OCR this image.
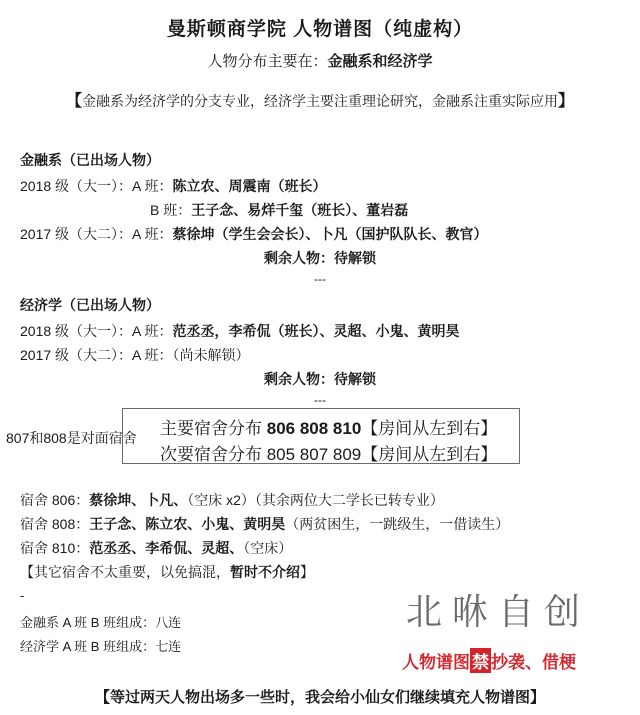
曼斯顿商学院 人物谱图（纯虚构）
人物分布主要在：金融系和经济学
【金融系为经济学的分支专业，经济学主要注重理论研究，金融系注重实际应用】
金融系（已出场人物）
2018 级（大一）：A 班：陈立农、周震南（班长）
B 班：王子念、易烊千玺（班长）、董岩磊
2017 级（大二）：A 班：蔡徐坤（学生会会长）、卜凡（国护队队长、教官）
剩余人物：待解锁
---
经济学（已出场人物）
2018 级（大一）：A 班：范丞丞，李希侃（班长）、灵超、小鬼、黄明昊
2017 级（大二）：A 班：（尚未解锁）
剩余人物：待解锁
---
807和808是对面宿舍 主要宿舍分布 806 808 810【房间从左到右】
次要宿舍分布 805 807 809【房间从左到右】
宿舍 806：蔡徐坤、卜凡、（空床 x2）（其余两位大二学长已转专业）
宿舍 808：王子念、陈立农、小鬼、黄明昊（两贫困生，一跳级生，一借读生）
宿舍 810：范丞丞、李希侃、灵超、（空床）
【其它宿舍不太重要，以免搞混，暂时不介绍】
-
金融系 A 班 B 班组成：八连
经济学 A 班 B 班组成：七连
北咻自创
人物谱图 禁 抄袭、借梗
【等过两天人物出场多一些时，我会给小仙女们继续填充人物谱图】
